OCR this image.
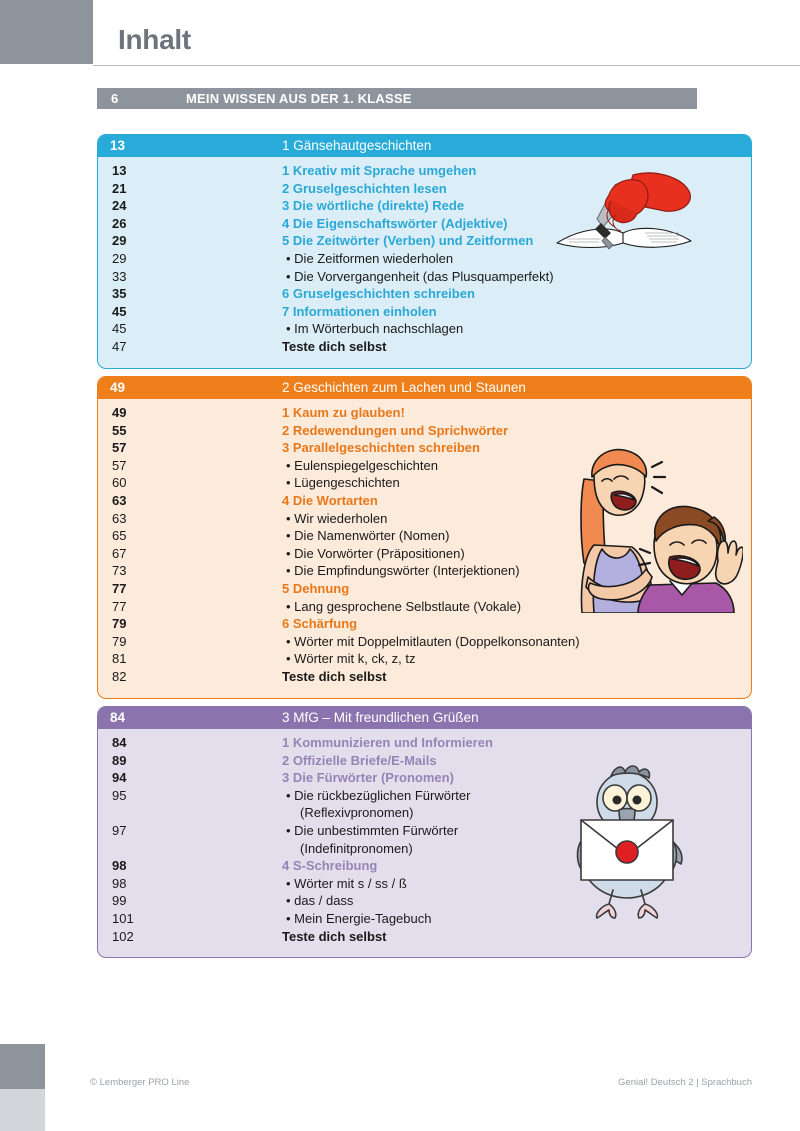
Inhalt
6	MEIN WISSEN AUS DER 1. KLASSE
13	1 Gänsehautgeschichten
13	1 Kreativ mit Sprache umgehen
21	2 Gruselgeschichten lesen
24	3 Die wörtliche (direkte) Rede
26	4 Die Eigenschaftswörter (Adjektive)
29	5 Die Zeitwörter (Verben) und Zeitformen
29	• Die Zeitformen wiederholen
33	• Die Vorvergangenheit (das Plusquamperfekt)
35	6 Gruselgeschichten schreiben
45	7 Informationen einholen
45	• Im Wörterbuch nachschlagen
47	Teste dich selbst
49	2 Geschichten zum Lachen und Staunen
49	1 Kaum zu glauben!
55	2 Redewendungen und Sprichwörter
57	3 Parallelgeschichten schreiben
57	• Eulenspiegelgeschichten
60	• Lügengeschichten
63	4 Die Wortarten
63	• Wir wiederholen
65	• Die Namenwörter (Nomen)
67	• Die Vorwörter (Präpositionen)
73	• Die Empfindungswörter (Interjektionen)
77	5 Dehnung
77	• Lang gesprochene Selbstlaute (Vokale)
79	6 Schärfung
79	• Wörter mit Doppelmitlauten (Doppelkonsonanten)
81	• Wörter mit k, ck, z, tz
82	Teste dich selbst
84	3 MfG – Mit freundlichen Grüßen
84	1 Kommunizieren und Informieren
89	2 Offizielle Briefe/E-Mails
94	3 Die Fürwörter (Pronomen)
95	• Die rückbezüglichen Fürwörter
(Reflexivpronomen)
97	• Die unbestimmten Fürwörter
(Indefinitpronomen)
98	4 S-Schreibung
98	• Wörter mit s / ss / ß
99	• das / dass
101	• Mein Energie-Tagebuch
102	Teste dich selbst
© Lemberger PRO Line	Genial! Deutsch 2 | Sprachbuch
